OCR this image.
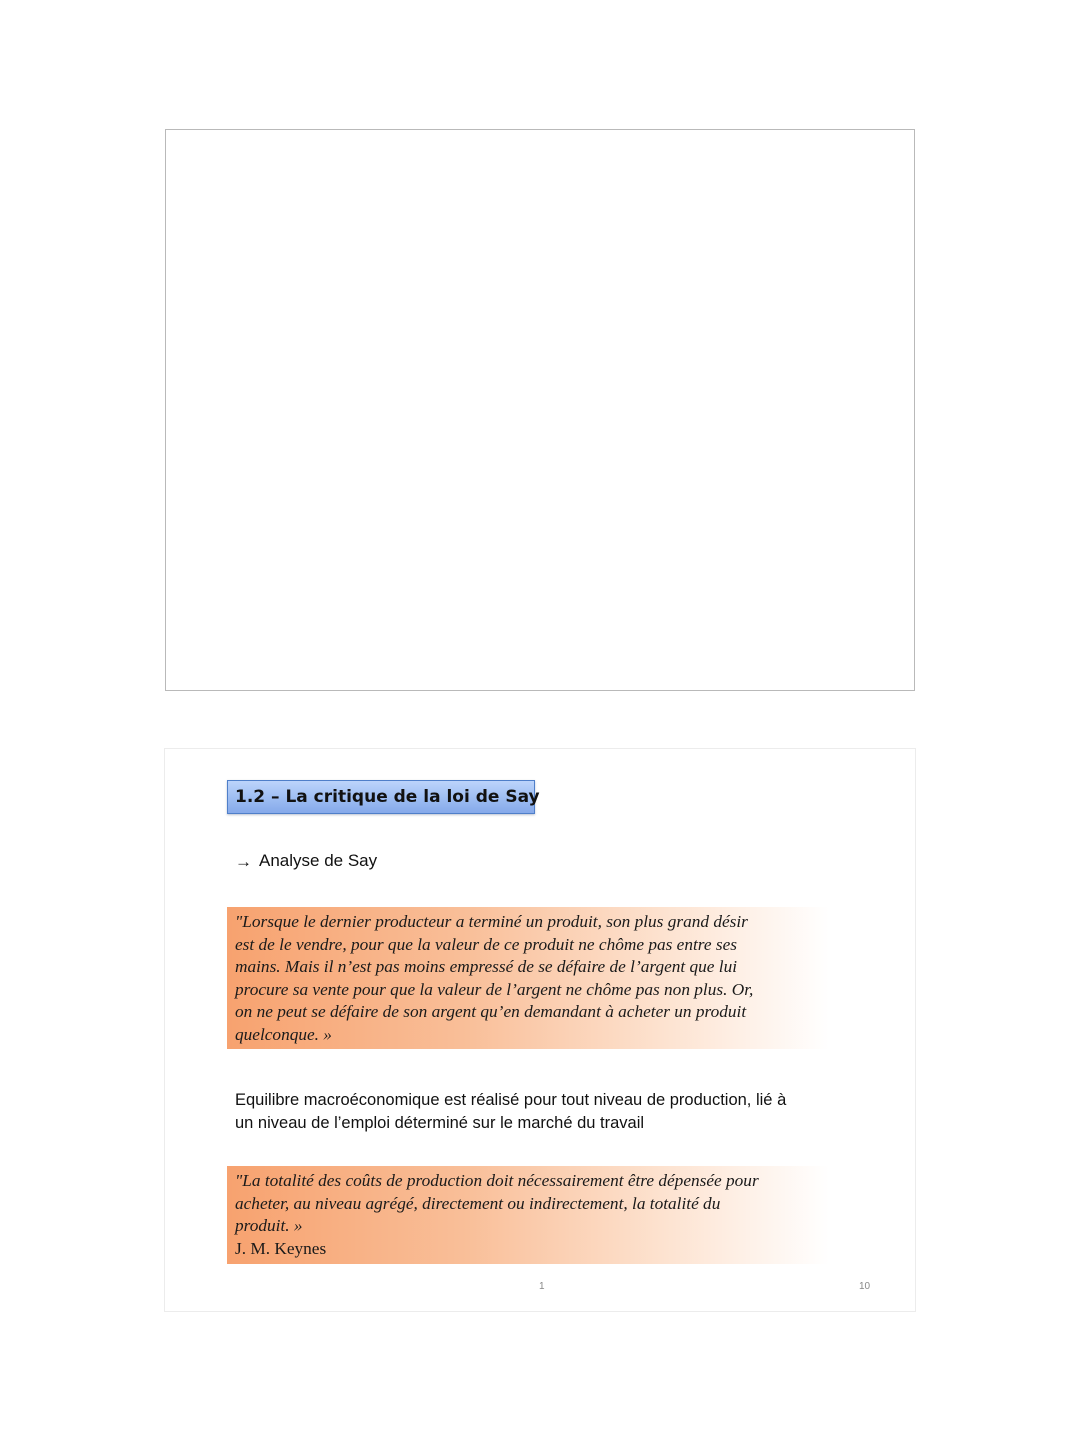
1.2 – La critique de la loi de Say
→ Analyse de Say
"Lorsque le dernier producteur a terminé un produit, son plus grand désir
est de le vendre, pour que la valeur de ce produit ne chôme pas entre ses
mains. Mais il n’est pas moins empressé de se défaire de l’argent que lui
procure sa vente pour que la valeur de l’argent ne chôme pas non plus. Or,
on ne peut se défaire de son argent qu’en demandant à acheter un produit
quelconque. »
Equilibre macroéconomique est réalisé pour tout niveau de production, lié à
un niveau de l’emploi déterminé sur le marché du travail
"La totalité des coûts de production doit nécessairement être dépensée pour
acheter, au niveau agrégé, directement ou indirectement, la totalité du
produit. »
J. M. Keynes
1	10
